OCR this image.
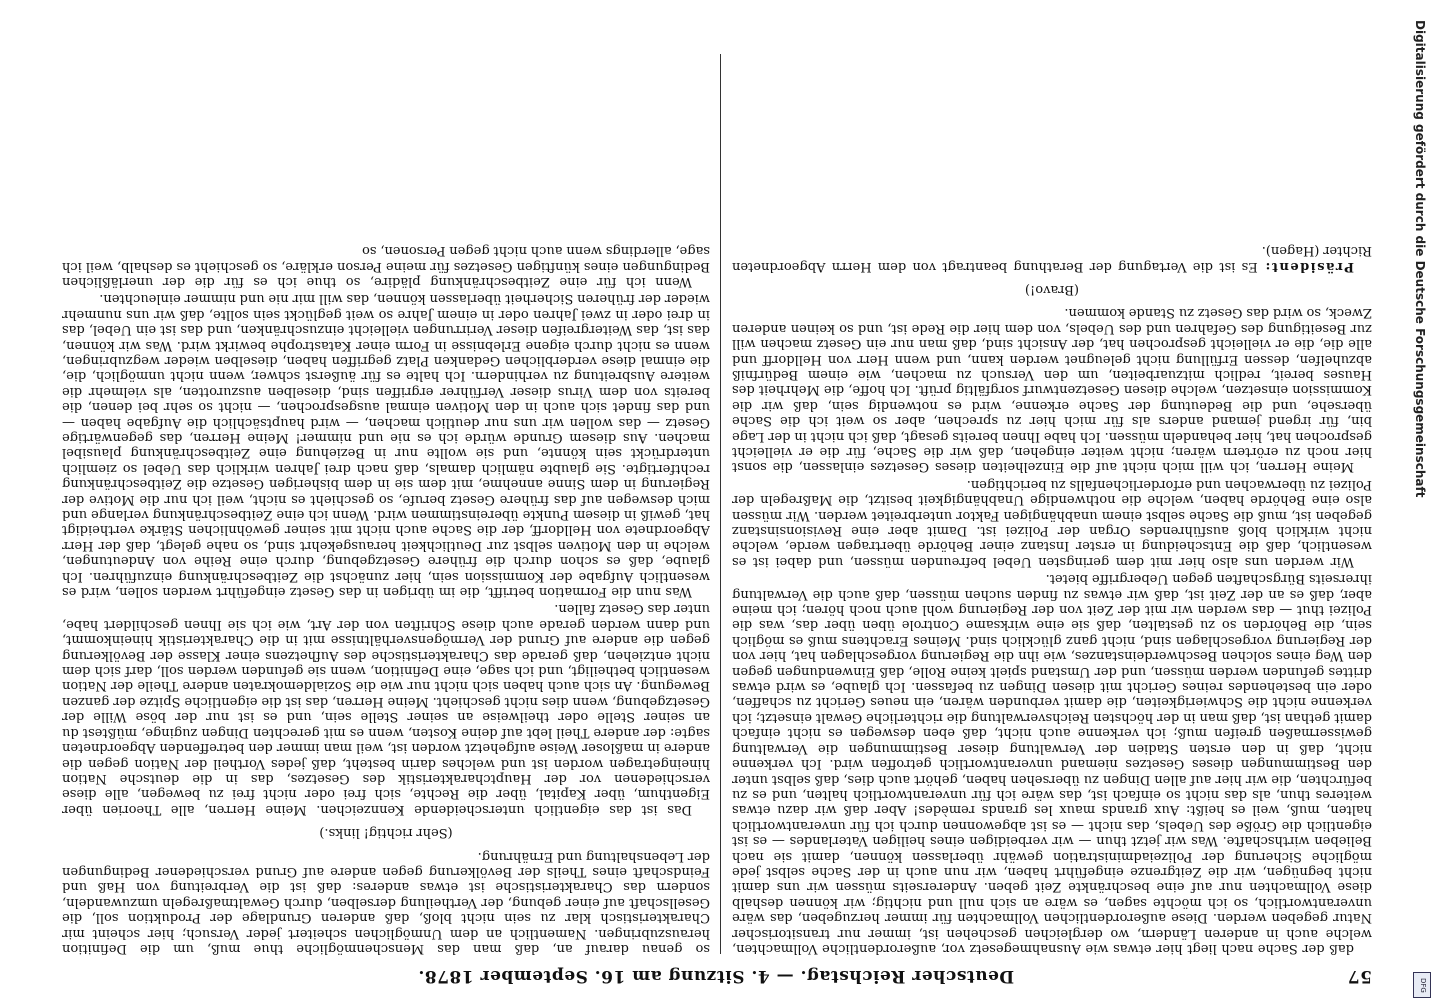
57
Deutscher Reichstag. — 4. Sitzung am 16. September 1878.

daß der Sache nach liegt hier etwas wie Ausnahmegesetz vor, außerordentliche Vollmachten, welche auch in anderen Ländern, wo dergleichen geschehen ist, immer nur transitorischer Natur gegeben werden. Diese außerordentlichen Vollmachten für immer herzugeben, das wäre unverantwortlich, so ich möchte sagen, es wäre an sich null und nichtig; wir können deshalb diese Vollmachten nur auf eine beschränkte Zeit geben. Andererseits müssen wir uns damit nicht begnügen, wir die Zeitgrenze eingeführt haben, wir nun auch in der Sache selbst jede mögliche Sicherung der Polizeiadministration gewähr überlassen können, damit sie nach Belieben wirthschafte. Was wir jetzt thun — wir verbeidigen eines heiligen Vaterlandes — es ist eigentlich die Größe des Uebels, das nicht — es ist abgewonnen durch ich für unverantwortlich halten, muß, weil es heißt: Aux grands maux les grands remèdes! Aber daß wir dazu etwas weiteres thun, als das nicht so einfach ist, das wäre ich für unverantwortlich halten, und es zu befürchten, die wir hier auf allen Dingen zu übersehen haben, gehört auch dies, daß selbst unter den Bestimmungen dieses Gesetzes niemand unverantwortlich getroffen wird. Ich verkenne nicht, daß in den ersten Stadien der Verwaltung dieser Bestimmungen die Verwaltung gewissermaßen greifen muß; ich verkenne auch nicht, daß eben deswegen es nicht einfach damit gethan ist, daß man in der höchsten Reichsverwaltung die richterliche Gewalt einsetzt; ich verkenne nicht die Schwierigkeiten, die damit verbunden wären, ein neues Gericht zu schaffen, oder ein bestehendes reines Gericht mit diesen Dingen zu befassen. Ich glaube, es wird etwas drittes gefunden werden müssen, und der Umstand spielt keine Rolle, daß Einwendungen gegen den Weg eines solchen Beschwerdeinstanzes, wie ihn die Regierung vorgeschlagen hat, hier von der Regierung vorgeschlagen sind, nicht ganz glücklich sind. Meines Erachtens muß es möglich sein, die Behörden so zu gestalten, daß sie eine wirksame Controle üben über das, was die Polizei thut — das werden wir mit der Zeit von der Regierung wohl auch noch hören; ich meine aber, daß es an der Zeit ist, daß wir etwas zu finden suchen müssen, daß auch die Verwaltung ihrerseits Bürgschaften gegen Uebergriffe bietet.

Wir werden uns also hier mit dem geringsten Uebel befreunden müssen, und dabei ist es wesentlich, daß die Entscheidung in erster Instanz einer Behörde übertragen werde, welche nicht wirklich bloß ausführendes Organ der Polizei ist. Damit aber eine Revisionsinstanz gegeben ist, muß die Sache selbst einem unabhängigen Faktor unterbreitet werden. Wir müssen also eine Behörde haben, welche die nothwendige Unabhängigkeit besitzt, die Maßregeln der Polizei zu überwachen und erforderlichenfalls zu berichtigen.

Meine Herren, ich will mich nicht auf die Einzelheiten dieses Gesetzes einlassen, die sonst hier noch zu erörtern wären; nicht weiter eingehen, daß wir die Sache, für die er vielleicht gesprochen hat, hier behandeln müssen. Ich habe Ihnen bereits gesagt, daß ich nicht in der Lage bin, für irgend jemand anders als für mich hier zu sprechen, aber so weit ich die Sache übersehe, und die Bedeutung der Sache erkenne, wird es notwendig sein, daß wir die Kommission einsetzen, welche diesen Gesetzentwurf sorgfältig prüft. Ich hoffe, die Mehrheit des Hauses bereit, redlich mitzuarbeiten, um den Versuch zu machen, wie einem Bedürfniß abzuhelfen, dessen Erfüllung nicht geleugnet werden kann, und wenn Herr von Helldorff und alle die, die er vielleicht gesprochen hat, der Ansicht sind, daß man nur ein Gesetz machen will zur Beseitigung des Gefahren und des Uebels, von dem hier die Rede ist, und so keinen anderen Zweck, so wird das Gesetz zu Stande kommen.

(Bravo!)

Präsident: Es ist die Vertagung der Berathung beantragt von dem Herrn Abgeordneten Richter (Hagen).

so genau darauf an, daß man das Menschenmögliche thue muß, um die Definition herauszubringen. Namentlich an dem Unmöglichen scheitert jeder Versuch; hier scheint mir Charakteristisch klar zu sein nicht bloß, daß anderen Grundlage der Produktion soll, die Gesellschaft auf einer gebung, der Vertheilung derselben, durch Gewaltmaßregeln umzuwandeln, sondern das Charakteristische ist etwas anderes: daß ist die Verbreitung von Haß und Feindschaft eines Theils der Bevölkerung gegen andere auf Grund verschiedener Bedingungen der Lebenshaltung und Ernährung.

(Sehr richtig! links.)

Das ist das eigentlich unterscheidende Kennzeichen. Meine Herren, alle Theorien über Eigenthum, über Kapital, über die Rechte, sich frei oder nicht frei zu bewegen, alle diese verschiedenen vor der Hauptcharakteristik des Gesetzes, das in die deutsche Nation hineingetragen worden ist und welches darin besteht, daß jedes Vortheil der Nation gegen die andere in maßloser Weise aufgehetzt worden ist, weil man immer den betreffenden Abgeordneten sagte: der andere Theil lebt auf deine Kosten, wenn es mit gerechten Dingen zuginge, müßtest du an seiner Stelle oder theilweise an seiner Stelle sein, und es ist nur der böse Wille der Gesetzgebung, wenn dies nicht geschieht. Meine Herren, das ist die eigentliche Spitze der ganzen Bewegung. An sich auch haben sich nicht nur wie die Sozialdemokraten andere Theile der Nation wesentlich betheiligt, und ich sage, eine Definition, wenn sie gefunden werden soll, darf sich dem nicht entziehen, daß gerade das Charakteristische des Aufhetzens einer Klasse der Bevölkerung gegen die andere auf Grund der Vermögensverhältnisse mit in die Charakteristik hineinkommt, und dann werden gerade auch diese Schriften von der Art, wie ich sie Ihnen geschildert habe, unter das Gesetz fallen.

Was nun die Formation betrifft, die im übrigen in das Gesetz eingeführt werden sollen, wird es wesentlich Aufgabe der Kommission sein, hier zunächst die Zeitbeschränkung einzuführen. Ich glaube, daß es schon durch die frühere Gesetzgebung, durch eine Reihe von Andeutungen, welche in den Motiven selbst zur Deutlichkeit herausgekehrt sind, so nahe gelegt, daß der Herr Abgeordnete von Helldorff, der die Sache auch nicht mit seiner gewöhnlichen Stärke vertheidigt hat, gewiß in diesem Punkte übereinstimmen wird. Wenn ich eine Zeitbeschränkung verlange und mich deswegen auf das frühere Gesetz berufe, so geschieht es nicht, weil ich nur die Motive der Regierung in dem Sinne annehme, mit dem sie in dem bisherigen Gesetze die Zeitbeschränkung rechtfertigte. Sie glaubte nämlich damals, daß nach drei Jahren wirklich das Uebel so ziemlich unterdrückt sein könnte, und sie wollte nur in Beziehung eine Zeitbeschränkung plausibel machen. Aus diesem Grunde würde ich es nie und nimmer! Meine Herren, das gegenwärtige Gesetz — das wollen wir uns nur deutlich machen, — wird hauptsächlich die Aufgabe haben — und das findet sich auch in den Motiven einmal ausgesprochen, — nicht so sehr bei denen, die bereits von dem Virus dieser Verführer ergriffen sind, dieselben auszurotten, als vielmehr die weitere Ausbreitung zu verhindern. Ich halte es für äußerst schwer, wenn nicht unmöglich, die, die einmal diese verderblichen Gedanken Platz gegriffen haben, dieselben wieder wegzubringen, wenn es nicht durch eigene Erlebnisse in Form einer Katastrophe bewirkt wird. Was wir können, das ist, das Weitergreifen dieser Verirrungen vielleicht einzuschränken, und das ist ein Uebel, das in drei oder in zwei Jahren oder in einem Jahre so weit geglückt sein sollte, daß wir uns nunmehr wieder der früheren Sicherheit überlassen können, das will mir nie und nimmer einleuchten.

Wenn ich für eine Zeitbeschränkung plädire, so thue ich es für die der unerläßlichen Bedingungen eines künftigen Gesetzes für meine Person erkläre, so geschieht es deshalb, weil ich sage, allerdings wenn auch nicht gegen Personen, so	Digitalisierung gefördert durch die Deutsche Forschungsgemeinschaft
DFG
